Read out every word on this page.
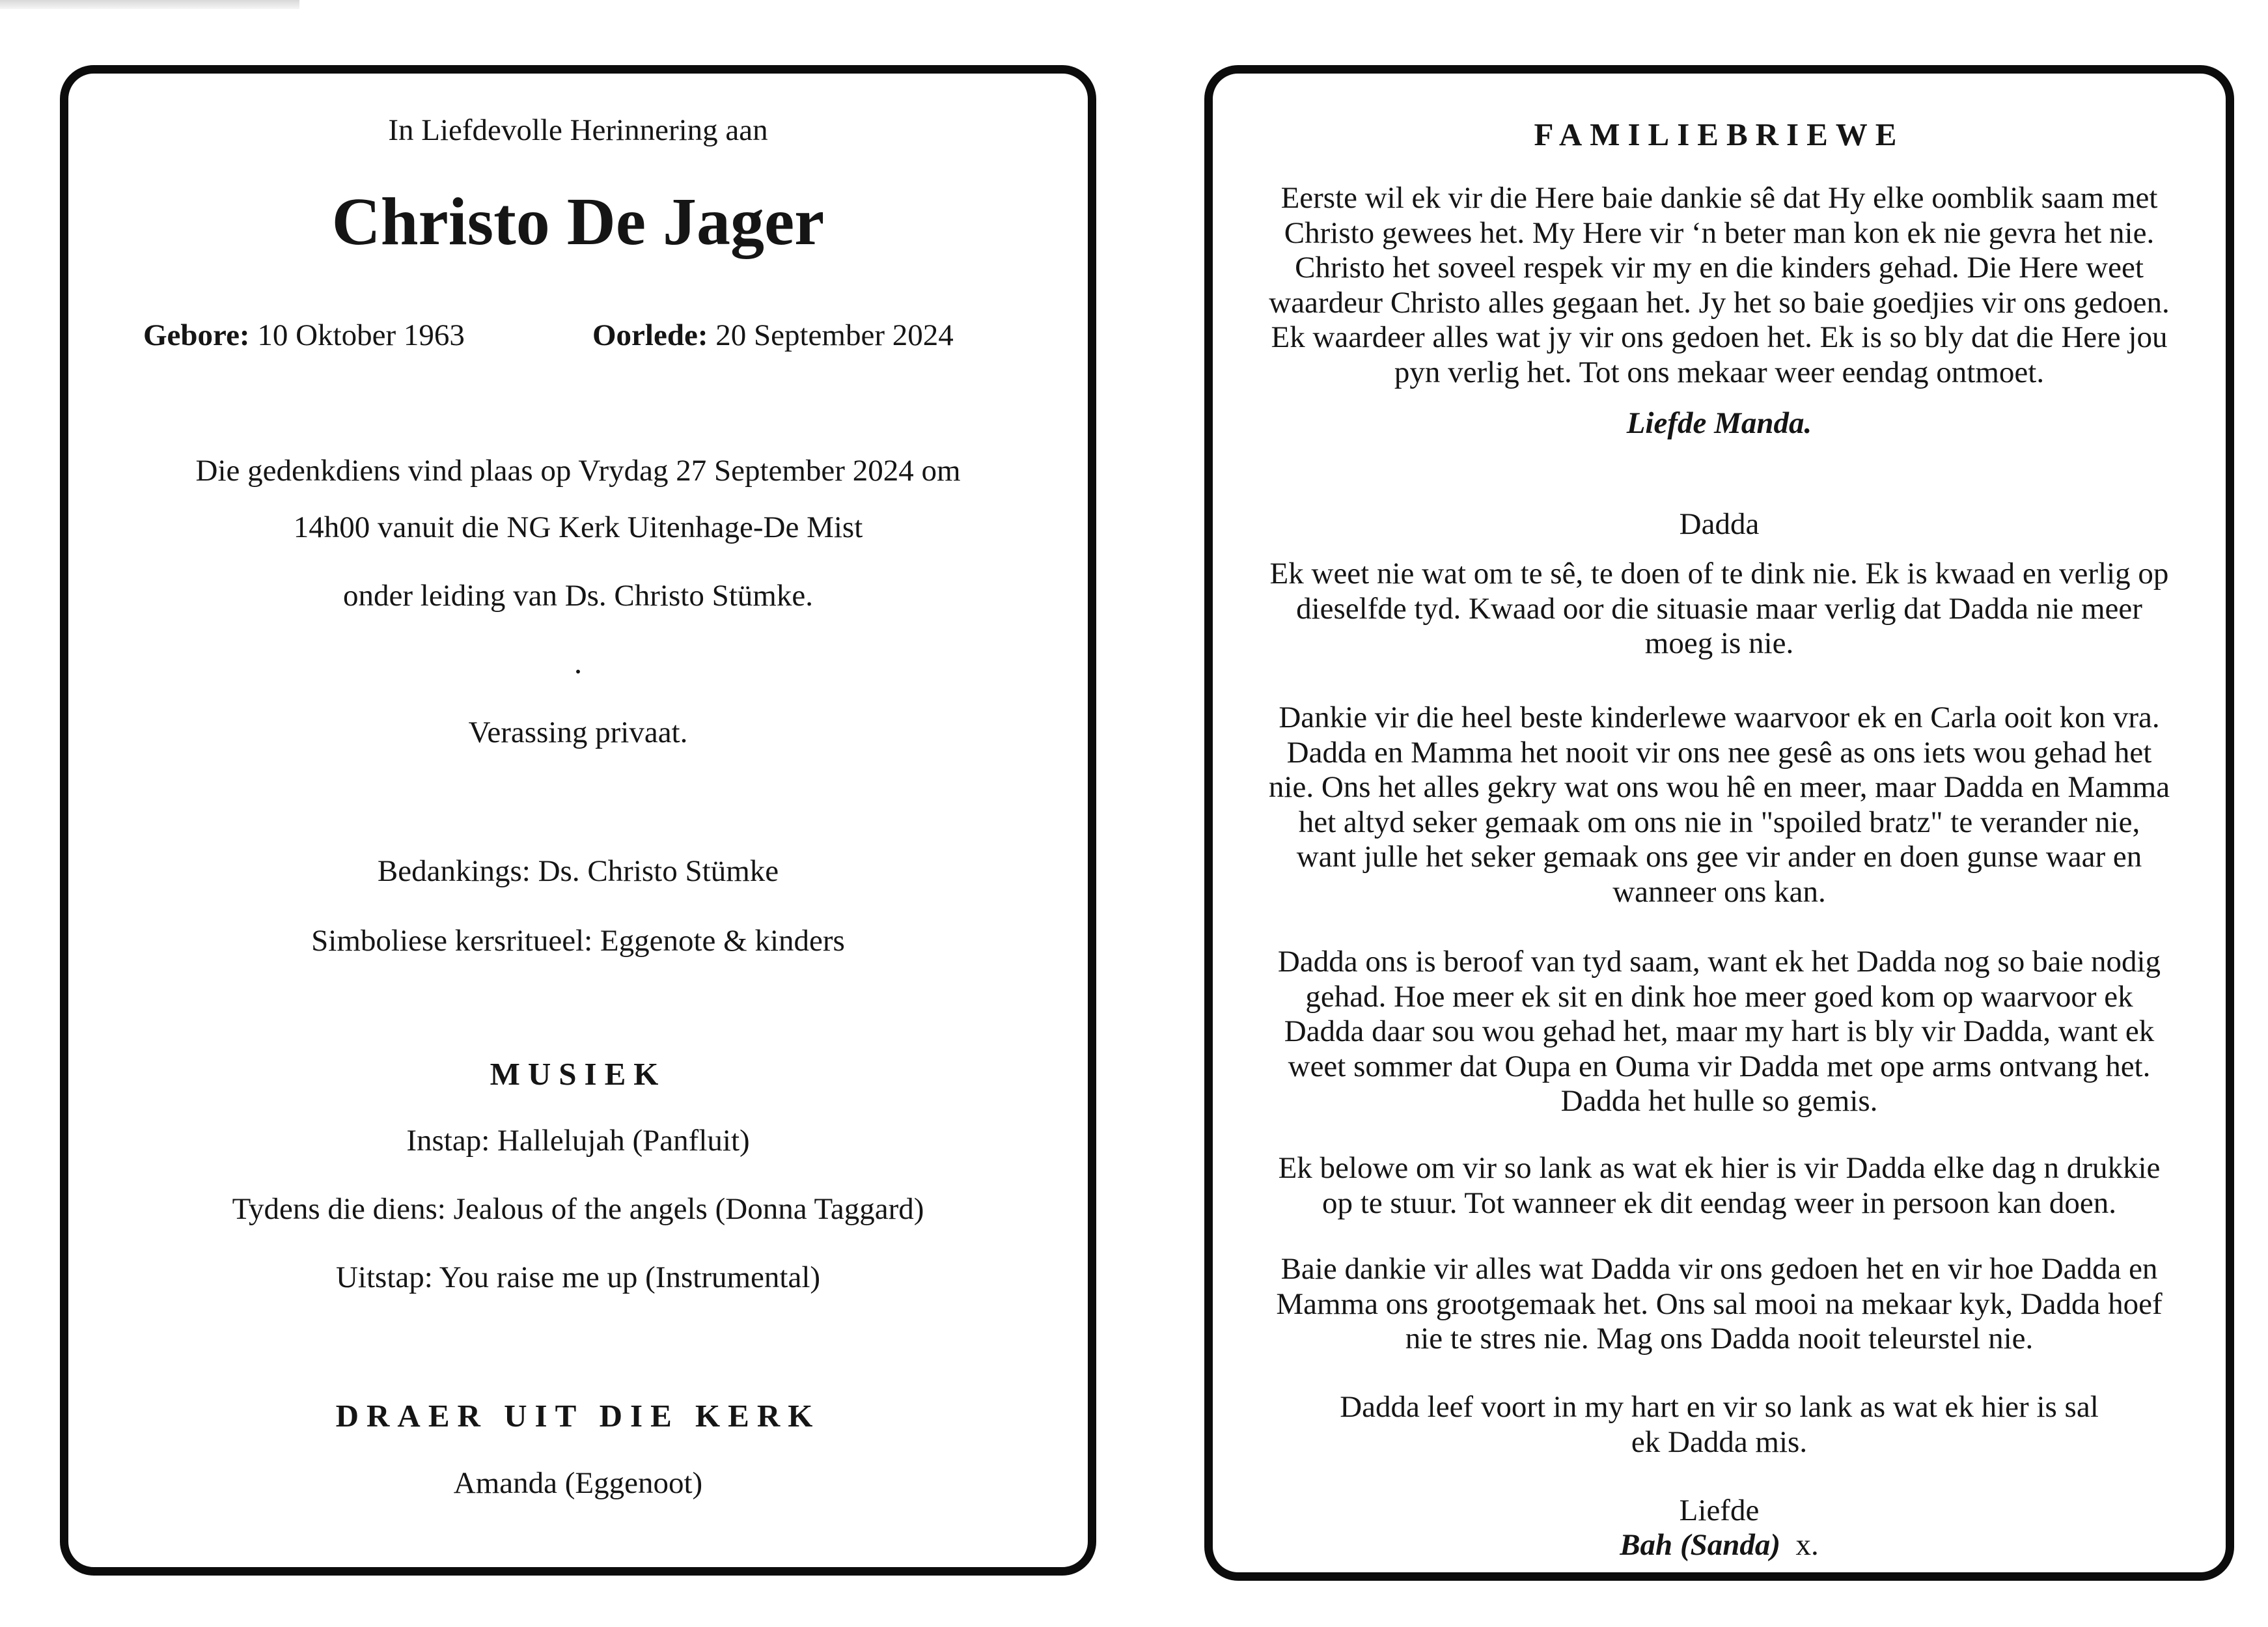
In Liefdevolle Herinnering aan
Christo De Jager
Gebore: 10 Oktober 1963	Oorlede: 20 September 2024
Die gedenkdiens vind plaas op Vrydag 27 September 2024 om
14h00 vanuit die NG Kerk Uitenhage-De Mist
onder leiding van Ds. Christo Stümke.
.
Verassing privaat.
Bedankings: Ds. Christo Stümke
Simboliese kersritueel: Eggenote & kinders
MUSIEK
Instap: Hallelujah (Panfluit)
Tydens die diens: Jealous of the angels (Donna Taggard)
Uitstap: You raise me up (Instrumental)
DRAER UIT DIE KERK
Amanda (Eggenoot)
FAMILIEBRIEWE
Eerste wil ek vir die Here baie dankie sê dat Hy elke oomblik saam met
Christo gewees het. My Here vir ‘n beter man kon ek nie gevra het nie.
Christo het soveel respek vir my en die kinders gehad. Die Here weet
waardeur Christo alles gegaan het. Jy het so baie goedjies vir ons gedoen.
Ek waardeer alles wat jy vir ons gedoen het. Ek is so bly dat die Here jou
pyn verlig het. Tot ons mekaar weer eendag ontmoet.
Liefde Manda.
Dadda
Ek weet nie wat om te sê, te doen of te dink nie. Ek is kwaad en verlig op
dieselfde tyd. Kwaad oor die situasie maar verlig dat Dadda nie meer
moeg is nie.
Dankie vir die heel beste kinderlewe waarvoor ek en Carla ooit kon vra.
Dadda en Mamma het nooit vir ons nee gesê as ons iets wou gehad het
nie. Ons het alles gekry wat ons wou hê en meer, maar Dadda en Mamma
het altyd seker gemaak om ons nie in "spoiled bratz" te verander nie,
want julle het seker gemaak ons gee vir ander en doen gunse waar en
wanneer ons kan.
Dadda ons is beroof van tyd saam, want ek het Dadda nog so baie nodig
gehad. Hoe meer ek sit en dink hoe meer goed kom op waarvoor ek
Dadda daar sou wou gehad het, maar my hart is bly vir Dadda, want ek
weet sommer dat Oupa en Ouma vir Dadda met ope arms ontvang het.
Dadda het hulle so gemis.
Ek belowe om vir so lank as wat ek hier is vir Dadda elke dag n drukkie
op te stuur. Tot wanneer ek dit eendag weer in persoon kan doen.
Baie dankie vir alles wat Dadda vir ons gedoen het en vir hoe Dadda en
Mamma ons grootgemaak het. Ons sal mooi na mekaar kyk, Dadda hoef
nie te stres nie. Mag ons Dadda nooit teleurstel nie.
Dadda leef voort in my hart en vir so lank as wat ek hier is sal
ek Dadda mis.
Liefde
Bah (Sanda) x.
